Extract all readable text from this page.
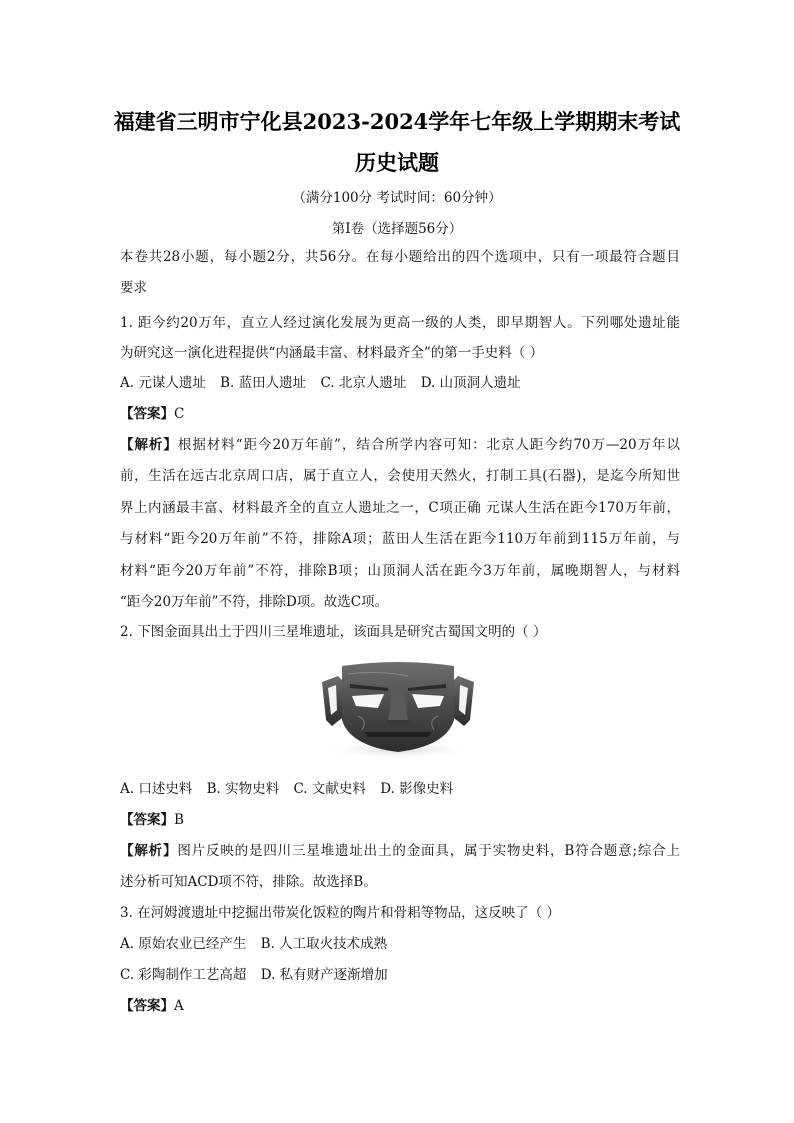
福建省三明市宁化县2023-2024学年七年级上学期期末考试
历史试题
（满分100分 考试时间：60分钟）
第Ⅰ卷（选择题56分）
本卷共28小题，每小题2分，共56分。在每小题给出的四个选项中，只有一项最符合题目
要求
1. 距今约20万年，直立人经过演化发展为更高一级的人类，即早期智人。下列哪处遗址能
为研究这一演化进程提供“内涵最丰富、材料最齐全”的第一手史料（ ）
A. 元谋人遗址 B. 蓝田人遗址 C. 北京人遗址 D. 山顶洞人遗址
【答案】C
【解析】根据材料“距今20万年前”，结合所学内容可知：北京人距今约70万—20万年以
前，生活在远古北京周口店，属于直立人，会使用天然火，打制工具(石器)，是迄今所知世
界上内涵最丰富、材料最齐全的直立人遗址之一，C项正确 元谋人生活在距今170万年前，
与材料“距今20万年前”不符，排除A项；蓝田人生活在距今110万年前到115万年前，与
材料“距今20万年前”不符，排除B项；山顶洞人活在距今3万年前，属晚期智人，与材料
“距今20万年前”不符，排除D项。故选C项。
2. 下图金面具出土于四川三星堆遗址，该面具是研究古蜀国文明的（ ）
A. 口述史料 B. 实物史料 C. 文献史料 D. 影像史料
【答案】B
【解析】图片反映的是四川三星堆遗址出土的金面具，属于实物史料，B符合题意;综合上
述分析可知ACD项不符，排除。故选择B。
3. 在河姆渡遗址中挖掘出带炭化饭粒的陶片和骨耜等物品，这反映了（ ）
A. 原始农业已经产生 B. 人工取火技术成熟
C. 彩陶制作工艺高超 D. 私有财产逐渐增加
【答案】A
